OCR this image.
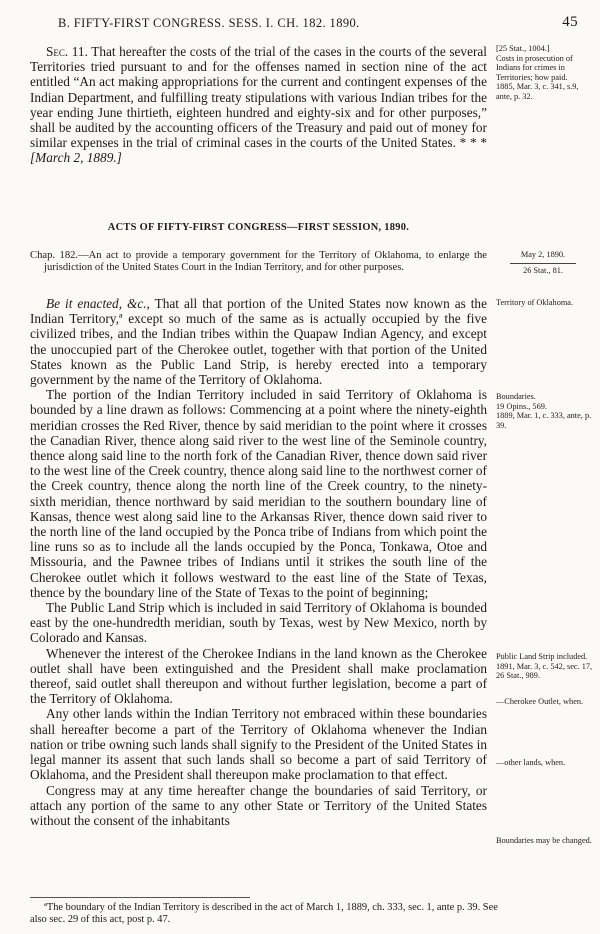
B. FIFTY-FIRST CONGRESS. SESS. I. CH. 182. 1890.	45

Sec. 11. That hereafter the costs of the trial of the cases in the courts of the several Territories tried pursuant to and for the offenses named in section nine of the act entitled “An act making appropriations for the current and contingent expenses of the Indian Department, and fulfilling treaty stipulations with various Indian tribes for the year ending June thirtieth, eighteen hundred and eighty-six and for other purposes,” shall be audited by the accounting officers of the Treasury and paid out of money for similar expenses in the trial of criminal cases in the courts of the United States. * * * [March 2, 1889.]

[25 Stat., 1004.]
Costs in prosecution of Indians for crimes in Territories; how paid.
1885, Mar. 3, c. 341, s.9, ante, p. 32.
ACTS OF FIFTY-FIRST CONGRESS—FIRST SESSION, 1890.

Chap. 182.—An act to provide a temporary government for the Territory of Oklahoma, to enlarge the jurisdiction of the United States Court in the Indian Territory, and for other purposes.

May 2, 1890.
26 Stat., 81.

Be it enacted, &c., That all that portion of the United States now known as the Indian Territory,ª except so much of the same as is actually occupied by the five civilized tribes, and the Indian tribes within the Quapaw Indian Agency, and except the unoccupied part of the Cherokee outlet, together with that portion of the United States known as the Public Land Strip, is hereby erected into a temporary government by the name of the Territory of Oklahoma.

The portion of the Indian Territory included in said Territory of Oklahoma is bounded by a line drawn as follows: Commencing at a point where the ninety-eighth meridian crosses the Red River, thence by said meridian to the point where it crosses the Canadian River, thence along said river to the west line of the Seminole country, thence along said line to the north fork of the Canadian River, thence down said river to the west line of the Creek country, thence along said line to the northwest corner of the Creek country, thence along the north line of the Creek country, to the ninety-sixth meridian, thence northward by said meridian to the southern boundary line of Kansas, thence west along said line to the Arkansas River, thence down said river to the north line of the land occupied by the Ponca tribe of Indians from which point the line runs so as to include all the lands occupied by the Ponca, Tonkawa, Otoe and Missouria, and the Pawnee tribes of Indians until it strikes the south line of the Cherokee outlet which it follows westward to the east line of the State of Texas, thence by the boundary line of the State of Texas to the point of beginning;

The Public Land Strip which is included in said Territory of Oklahoma is bounded east by the one-hundredth meridian, south by Texas, west by New Mexico, north by Colorado and Kansas.

Whenever the interest of the Cherokee Indians in the land known as the Cherokee outlet shall have been extinguished and the President shall make proclamation thereof, said outlet shall thereupon and without further legislation, become a part of the Territory of Oklahoma.

Any other lands within the Indian Territory not embraced within these boundaries shall hereafter become a part of the Territory of Oklahoma whenever the Indian nation or tribe owning such lands shall signify to the President of the United States in legal manner its assent that such lands shall so become a part of said Territory of Oklahoma, and the President shall thereupon make proclamation to that effect.

Congress may at any time hereafter change the boundaries of said Territory, or attach any portion of the same to any other State or Territory of the United States without the consent of the inhabitants

Territory of Oklahoma.
Boundaries.
19 Opins., 569.
1889, Mar. 1, c. 333, ante, p. 39.
Public Land Strip included.
1891, Mar. 3, c. 542, sec. 17, 26 Stat., 989.
—Cherokee Outlet, when.
—other lands, when.
Boundaries may be changed.

ªThe boundary of the Indian Territory is described in the act of March 1, 1889, ch. 333, sec. 1, ante p. 39. See also sec. 29 of this act, post p. 47.
